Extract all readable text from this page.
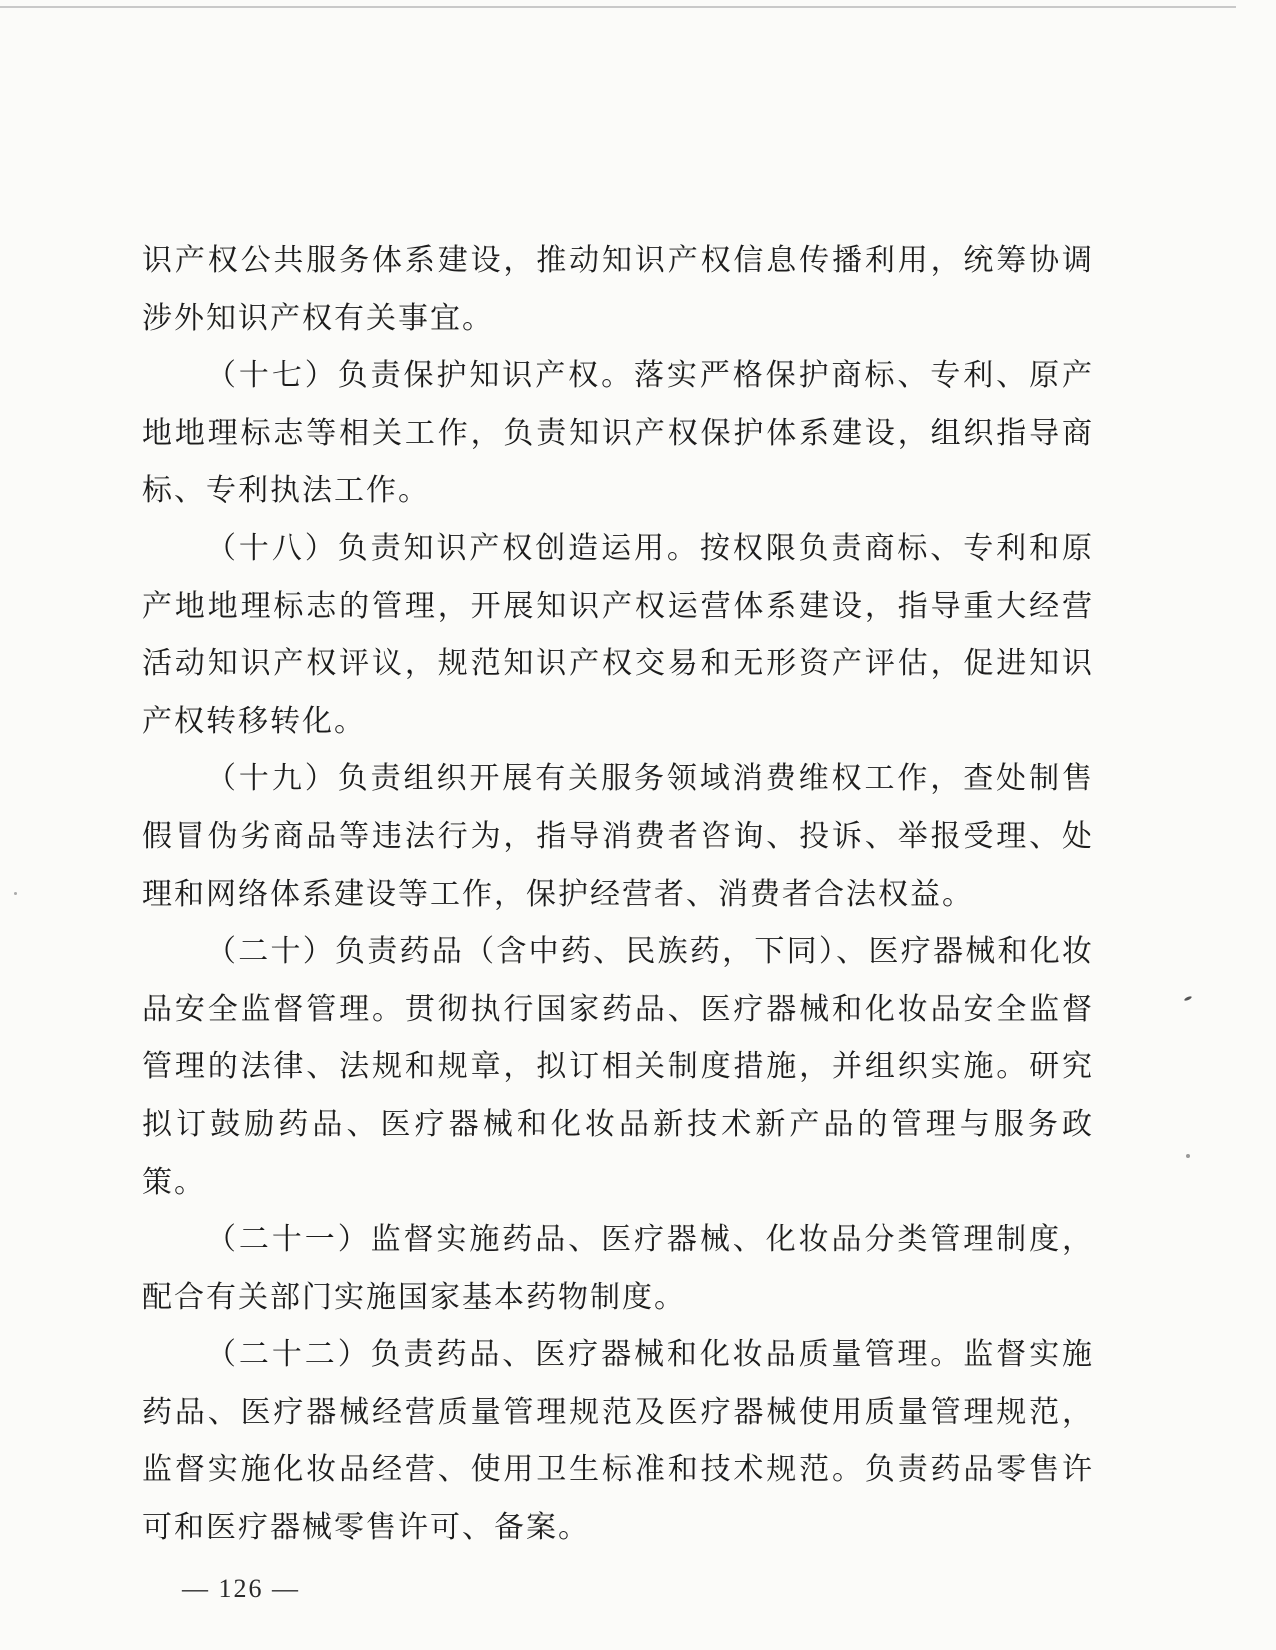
识产权公共服务体系建设，推动知识产权信息传播利用，统筹协调涉外知识产权有关事宜。

（十七）负责保护知识产权。落实严格保护商标、专利、原产地地理标志等相关工作，负责知识产权保护体系建设，组织指导商标、专利执法工作。

（十八）负责知识产权创造运用。按权限负责商标、专利和原产地地理标志的管理，开展知识产权运营体系建设，指导重大经营活动知识产权评议，规范知识产权交易和无形资产评估，促进知识产权转移转化。

（十九）负责组织开展有关服务领域消费维权工作，查处制售假冒伪劣商品等违法行为，指导消费者咨询、投诉、举报受理、处理和网络体系建设等工作，保护经营者、消费者合法权益。

（二十）负责药品（含中药、民族药，下同）、医疗器械和化妆品安全监督管理。贯彻执行国家药品、医疗器械和化妆品安全监督管理的法律、法规和规章，拟订相关制度措施，并组织实施。研究拟订鼓励药品、医疗器械和化妆品新技术新产品的管理与服务政策。

（二十一）监督实施药品、医疗器械、化妆品分类管理制度，配合有关部门实施国家基本药物制度。

（二十二）负责药品、医疗器械和化妆品质量管理。监督实施药品、医疗器械经营质量管理规范及医疗器械使用质量管理规范，监督实施化妆品经营、使用卫生标准和技术规范。负责药品零售许可和医疗器械零售许可、备案。

— 126 —
